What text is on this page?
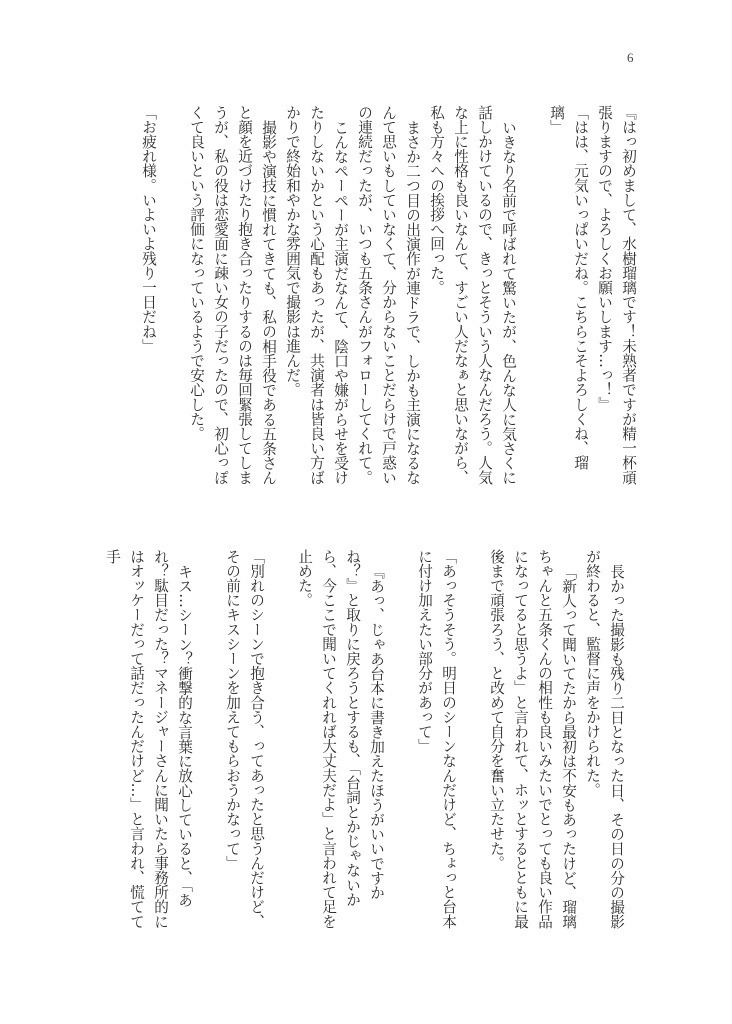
6

『はっ初めまして、水樹瑠璃です！未熟者ですが精一杯頑張りますので、よろしくお願いします…っ！』

「はは、元気いっぱいだね。こちらこそよろしくね、瑠璃」

いきなり名前で呼ばれて驚いたが、色んな人に気さくに話しかけているので、きっとそういう人なんだろう。人気な上に性格も良いなんて、すごい人だなぁと思いながら、私も方々への挨拶へ回った。

まさか二つ目の出演作が連ドラで、しかも主演になるなんて思いもしていなくて、分からないことだらけで戸惑いの連続だったが、いつも五条さんがフォローしてくれて。

こんなペーペーが主演だなんて、陰口や嫌がらせを受けたりしないかという心配もあったが、共演者は皆良い方ばかりで終始和やかな雰囲気で撮影は進んだ。

撮影や演技に慣れてきても、私の相手役である五条さんと顔を近づけたり抱き合ったりするのは毎回緊張してしまうが、私の役は恋愛面に疎い女の子だったので、初心っぽくて良いという評価になっているようで安心した。

「お疲れ様。いよいよ残り一日だね」

長かった撮影も残り二日となった日、その日の分の撮影が終わると、監督に声をかけられた。

「新人って聞いてたから最初は不安もあったけど、瑠璃ちゃんと五条くんの相性も良いみたいでとっても良い作品になってると思うよ」と言われて、ホッとするとともに最後まで頑張ろう、と改めて自分を奮い立たせた。

「あっそうそう。明日のシーンなんだけど、ちょっと台本に付け加えたい部分があって」

『あっ、じゃあ台本に書き加えたほうがいいですかね？』と取りに戻ろうとするも、「台詞とかじゃないから、今ここで聞いてくれれば大丈夫だよ」と言われて足を止めた。

「別れのシーンで抱き合う、ってあったと思うんだけど、その前にキスシーンを加えてもらおうかなって」

キス…シーン？衝撃的な言葉に放心していると、「あれ？駄目だった？マネージャーさんに聞いたら事務所的にはオッケーだって話だったんだけど…」と言われ、慌てて手
